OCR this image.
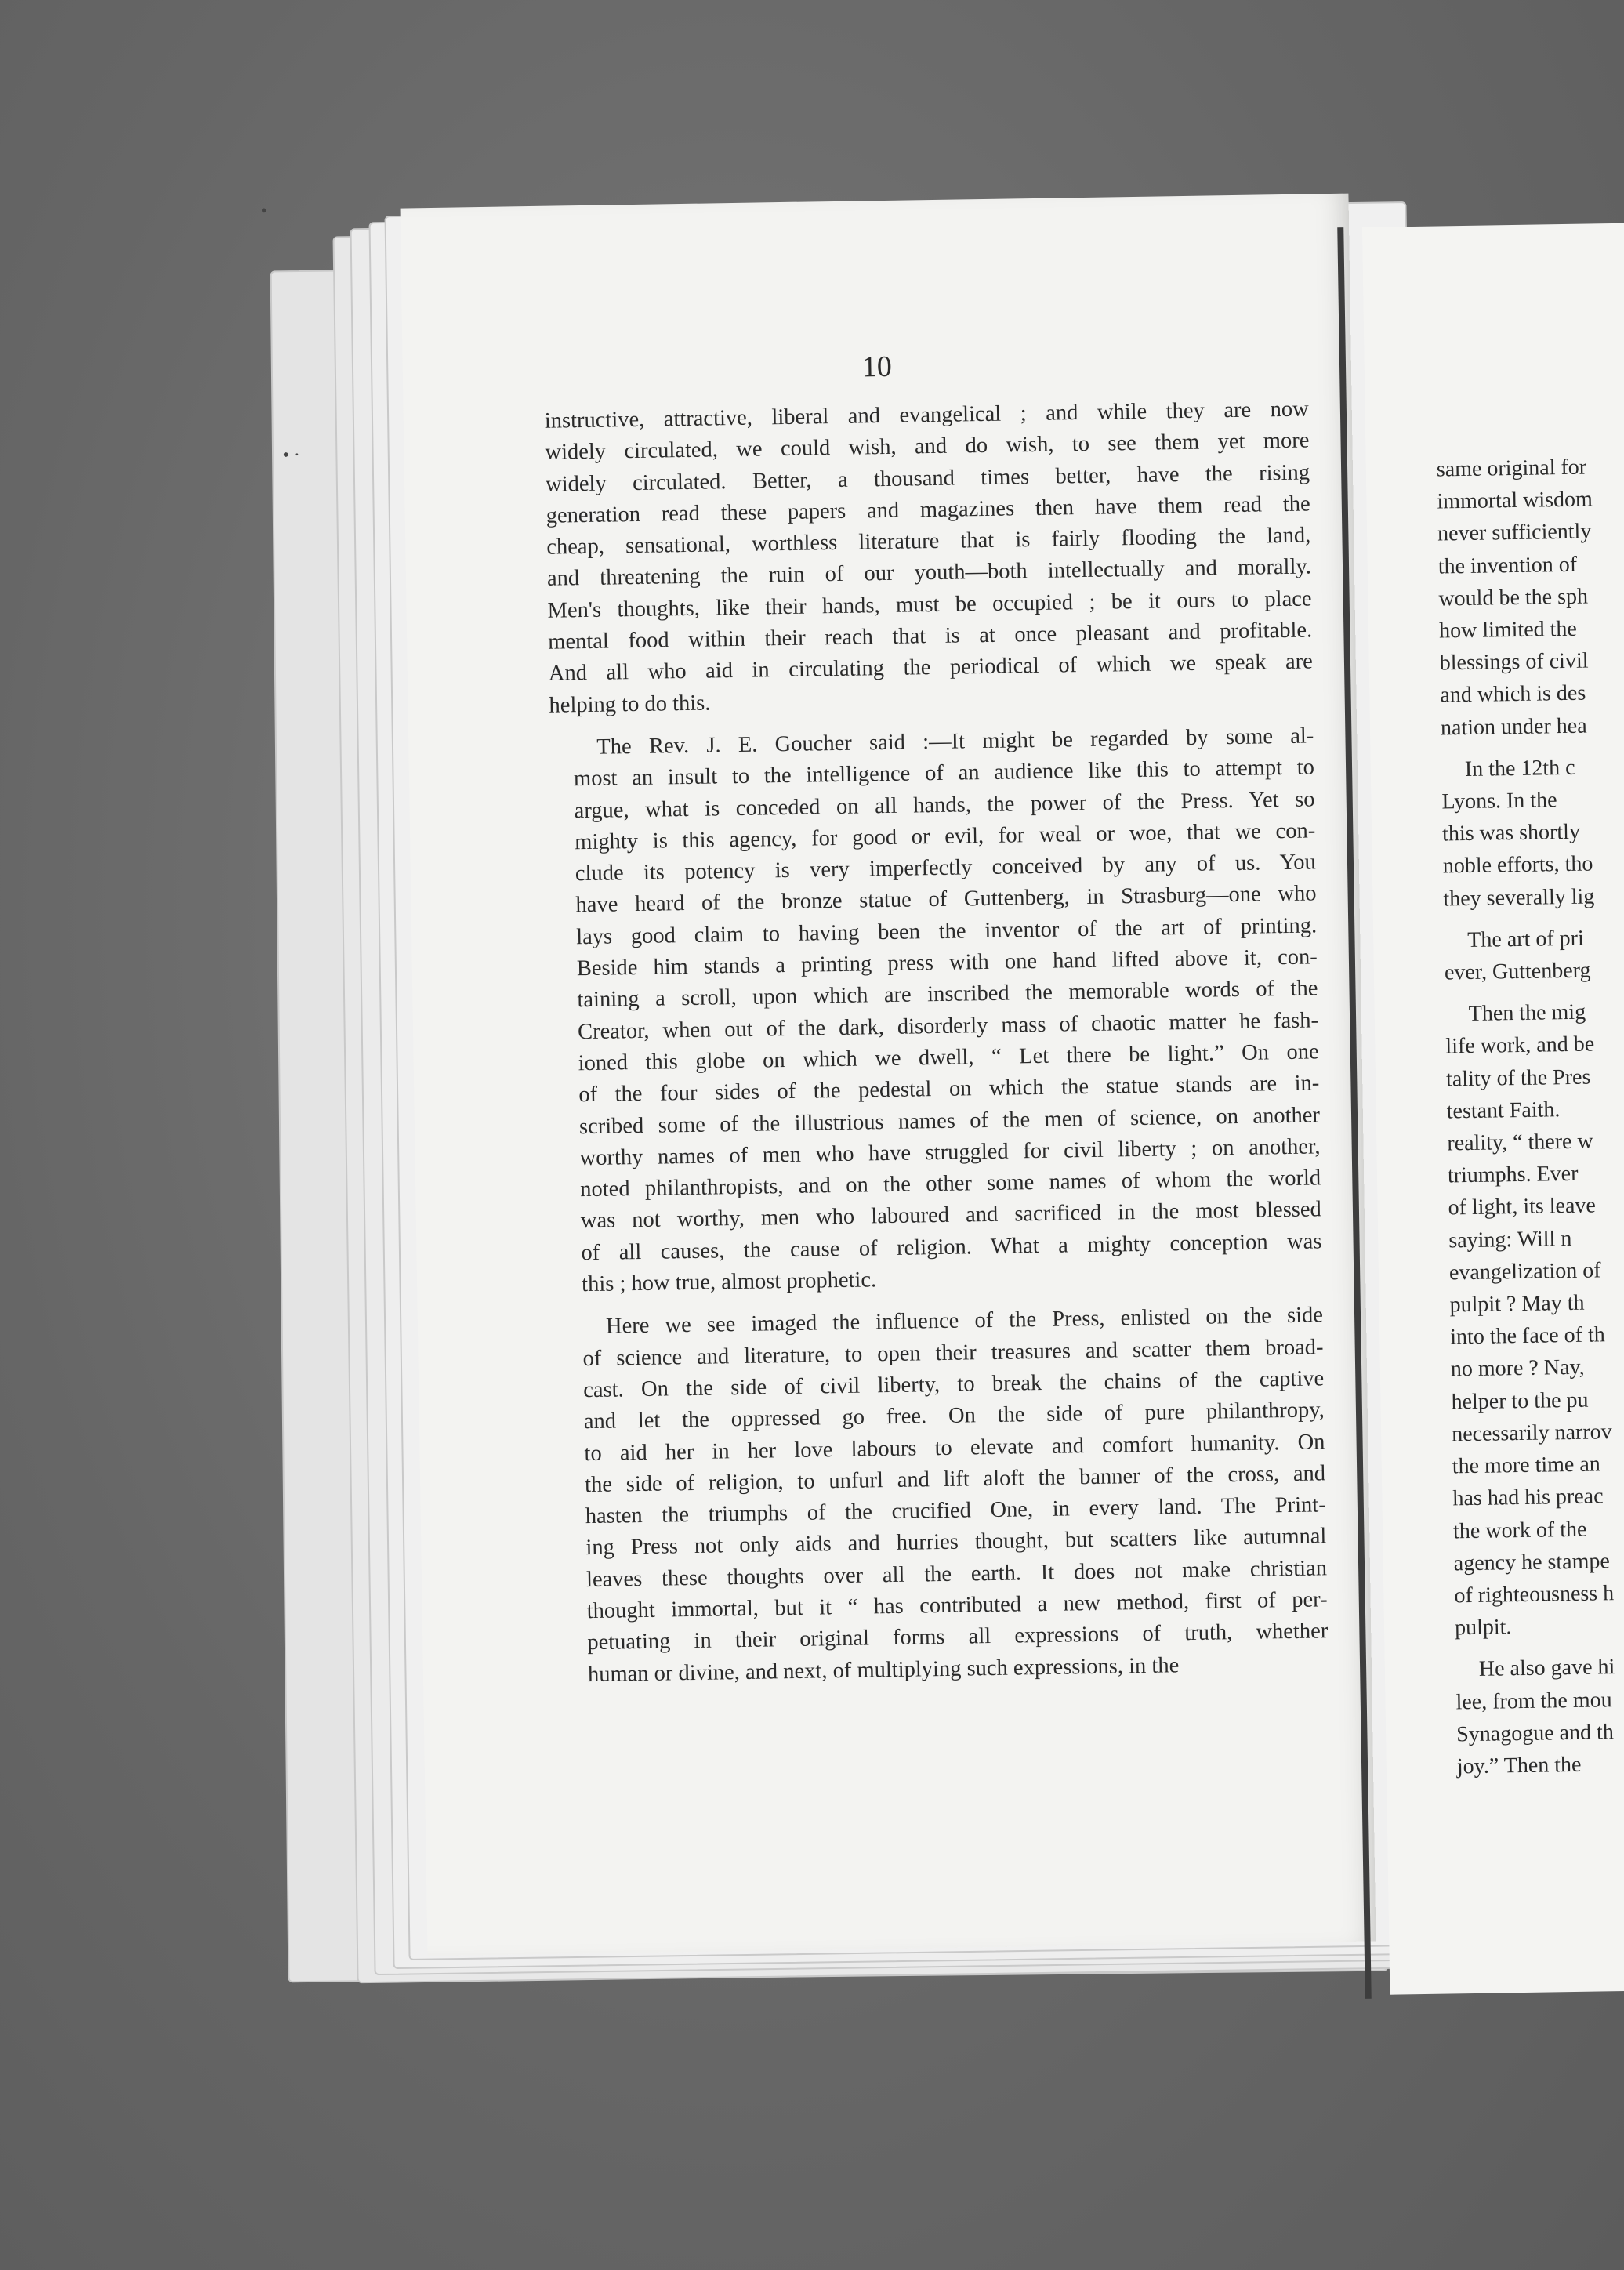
10
•
• ·
instructive, attractive, liberal and evangelical ; and while they are now
widely circulated, we could wish, and do wish, to see them yet more
widely circulated. Better, a thousand times better, have the rising
generation read these papers and magazines then have them read the
cheap, sensational, worthless literature that is fairly flooding the land,
and threatening the ruin of our youth—both intellectually and morally.
Men's thoughts, like their hands, must be occupied ; be it ours to place
mental food within their reach that is at once pleasant and profitable.
And all who aid in circulating the periodical of which we speak are
helping to do this.
The Rev. J. E. Goucher said :—It might be regarded by some al-
most an insult to the intelligence of an audience like this to attempt to
argue, what is conceded on all hands, the power of the Press. Yet so
mighty is this agency, for good or evil, for weal or woe, that we con-
clude its potency is very imperfectly conceived by any of us. You
have heard of the bronze statue of Guttenberg, in Strasburg—one who
lays good claim to having been the inventor of the art of printing.
Beside him stands a printing press with one hand lifted above it, con-
taining a scroll, upon which are inscribed the memorable words of the
Creator, when out of the dark, disorderly mass of chaotic matter he fash-
ioned this globe on which we dwell, “ Let there be light.” On one
of the four sides of the pedestal on which the statue stands are in-
scribed some of the illustrious names of the men of science, on another
worthy names of men who have struggled for civil liberty ; on another,
noted philanthropists, and on the other some names of whom the world
was not worthy, men who laboured and sacrificed in the most blessed
of all causes, the cause of religion. What a mighty conception was
this ; how true, almost prophetic.
Here we see imaged the influence of the Press, enlisted on the side
of science and literature, to open their treasures and scatter them broad-
cast. On the side of civil liberty, to break the chains of the captive
and let the oppressed go free. On the side of pure philanthropy,
to aid her in her love labours to elevate and comfort humanity. On
the side of religion, to unfurl and lift aloft the banner of the cross, and
hasten the triumphs of the crucified One, in every land. The Print-
ing Press not only aids and hurries thought, but scatters like autumnal
leaves these thoughts over all the earth. It does not make christian
thought immortal, but it “ has contributed a new method, first of per-
petuating in their original forms all expressions of truth, whether
human or divine, and next, of multiplying such expressions, in the
same original for
immortal wisdom
never sufficiently
the invention of
would be the sph
how limited the
blessings of civil
and which is des
nation under hea
In the 12th c
Lyons. In the
this was shortly
noble efforts, tho
they severally lig
The art of pri
ever, Guttenberg
Then the mig
life work, and be
tality of the Pres
testant Faith.
reality, “ there w
triumphs. Ever
of light, its leave
saying: Will n
evangelization of
pulpit ? May th
into the face of th
no more ? Nay,
helper to the pu
necessarily narrov
the more time an
has had his preac
the work of the
agency he stampe
of righteousness h
pulpit.
He also gave hi
lee, from the mou
Synagogue and th
joy.” Then the
